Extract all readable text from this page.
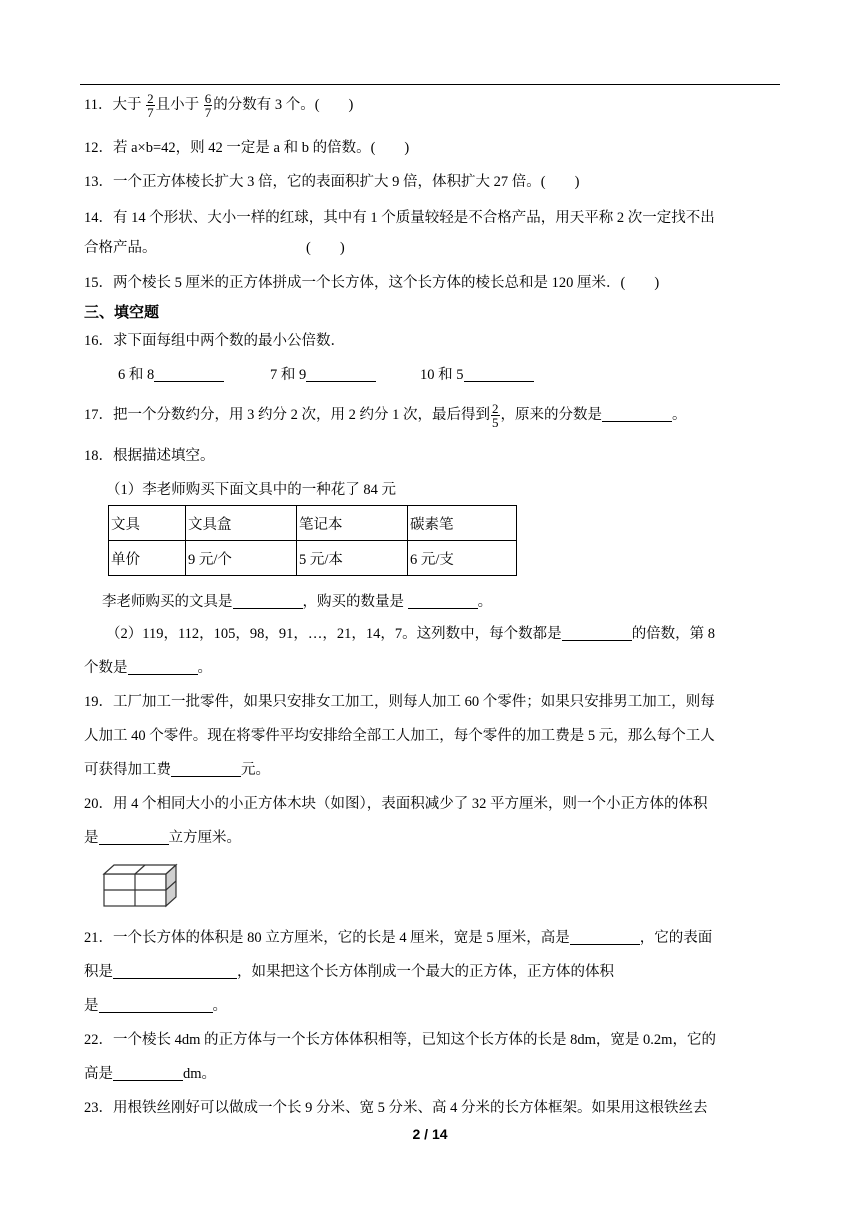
11．大于 $\frac{2}{7}$ 且小于 $\frac{6}{7}$ 的分数有 3 个。(　　)
12．若 a×b=42，则 42 一定是 a 和 b 的倍数。(　　)
13．一个正方体棱长扩大 3 倍，它的表面积扩大 9 倍，体积扩大 27 倍。(　　)
14．有 14 个形状、大小一样的红球，其中有 1 个质量较轻是不合格产品，用天平称 2 次一定找不出
合格产品。	(　　)
15．两个棱长 5 厘米的正方体拼成一个长方体，这个长方体的棱长总和是 120 厘米．(　　)
三、填空题
16．求下面每组中两个数的最小公倍数．
6 和 8	7 和 9	10 和 5
17．把一个分数约分，用 3 约分 2 次，用 2 约分 1 次，最后得到 $\frac{2}{5}$ ，原来的分数是	。
18．根据描述填空。
（1）李老师购买下面文具中的一种花了 84 元
文具	文具盒	笔记本	碳素笔
单价	9 元/个	5 元/本	6 元/支
李老师购买的文具是	，购买的数量是	。
（2）119，112，105，98，91，…，21，14，7。这列数中，每个数都是	的倍数，第 8
个数是	。
19．工厂加工一批零件，如果只安排女工加工，则每人加工 60 个零件；如果只安排男工加工，则每
人加工 40 个零件。现在将零件平均安排给全部工人加工，每个零件的加工费是 5 元，那么每个工人
可获得加工费	元。
20．用 4 个相同大小的小正方体木块（如图），表面积减少了 32 平方厘米，则一个小正方体的体积
是	立方厘米。
21．一个长方体的体积是 80 立方厘米，它的长是 4 厘米，宽是 5 厘米，高是	，它的表面
积是	，如果把这个长方体削成一个最大的正方体，正方体的体积
是	。
22．一个棱长 4dm 的正方体与一个长方体体积相等，已知这个长方体的长是 8dm，宽是 0.2m，它的
高是	dm。
23．用根铁丝刚好可以做成一个长 9 分米、宽 5 分米、高 4 分米的长方体框架。如果用这根铁丝去
2 / 14
